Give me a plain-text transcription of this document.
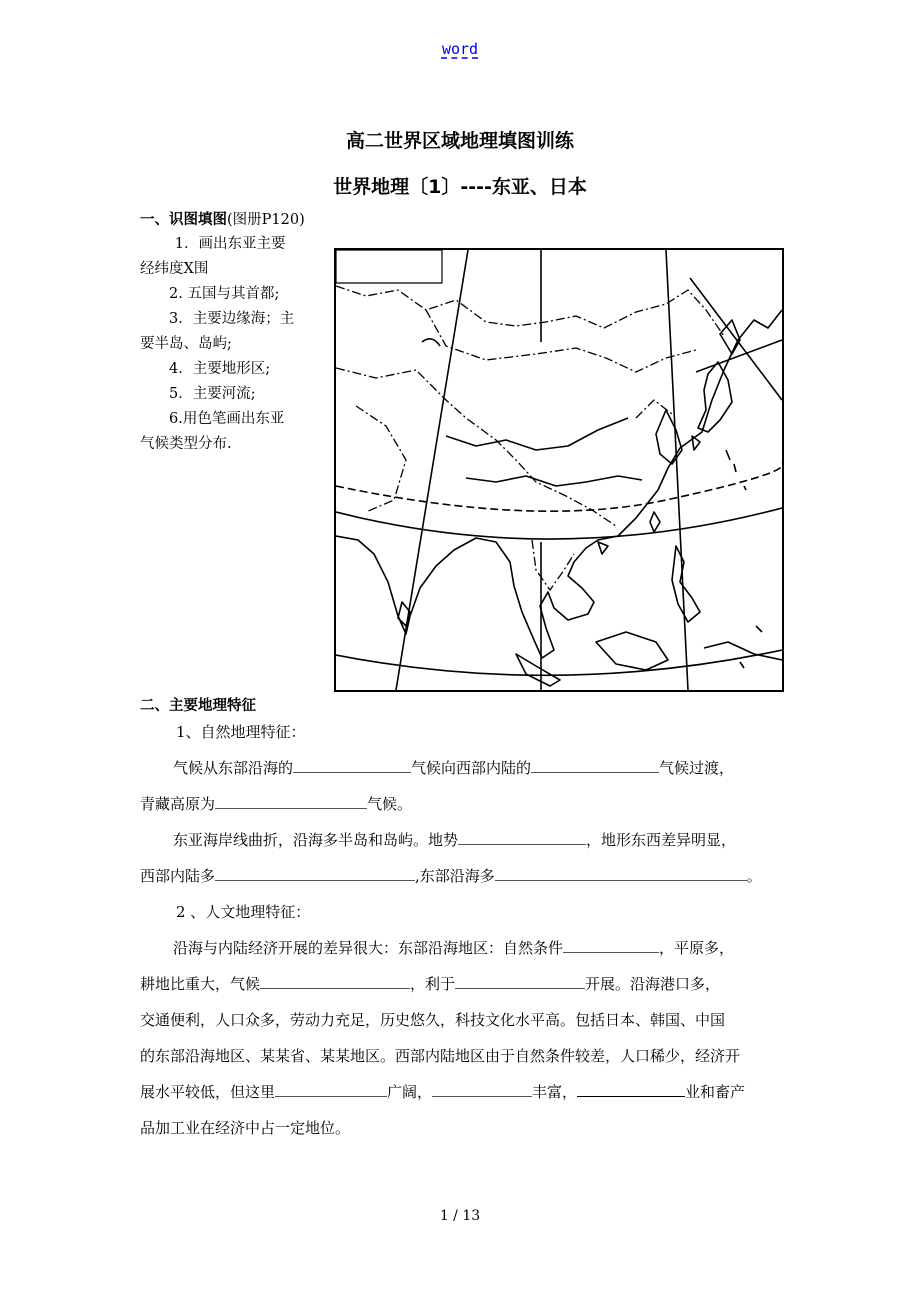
word
高二世界区域地理填图训练
世界地理〔1〕----东亚、日本
一、识图填图(图册P120)
1．画出东亚主要
经纬度X围
2. 五国与其首都;
3．主要边缘海；主
要半岛、岛屿;
4．主要地形区;
5．主要河流;
6.用色笔画出东亚
气候类型分布.
二、主要地理特征
1、自然地理特征：
气候从东部沿海的	气候向西部内陆的	气候过渡，
青藏高原为	气候。
东亚海岸线曲折，沿海多半岛和岛屿。地势	，地形东西差异明显，
西部内陆多	,东部沿海多	。
2 、人文地理特征：
沿海与内陆经济开展的差异很大：东部沿海地区：自然条件	，平原多，
耕地比重大，气候	，利于	开展。沿海港口多，
交通便利，人口众多，劳动力充足，历史悠久，科技文化水平高。包括日本、韩国、中国
的东部沿海地区、某某省、某某地区。西部内陆地区由于自然条件较差，人口稀少，经济开
展水平较低，但这里	广阔，	丰富，	业和畜产
品加工业在经济中占一定地位。
1 / 13
